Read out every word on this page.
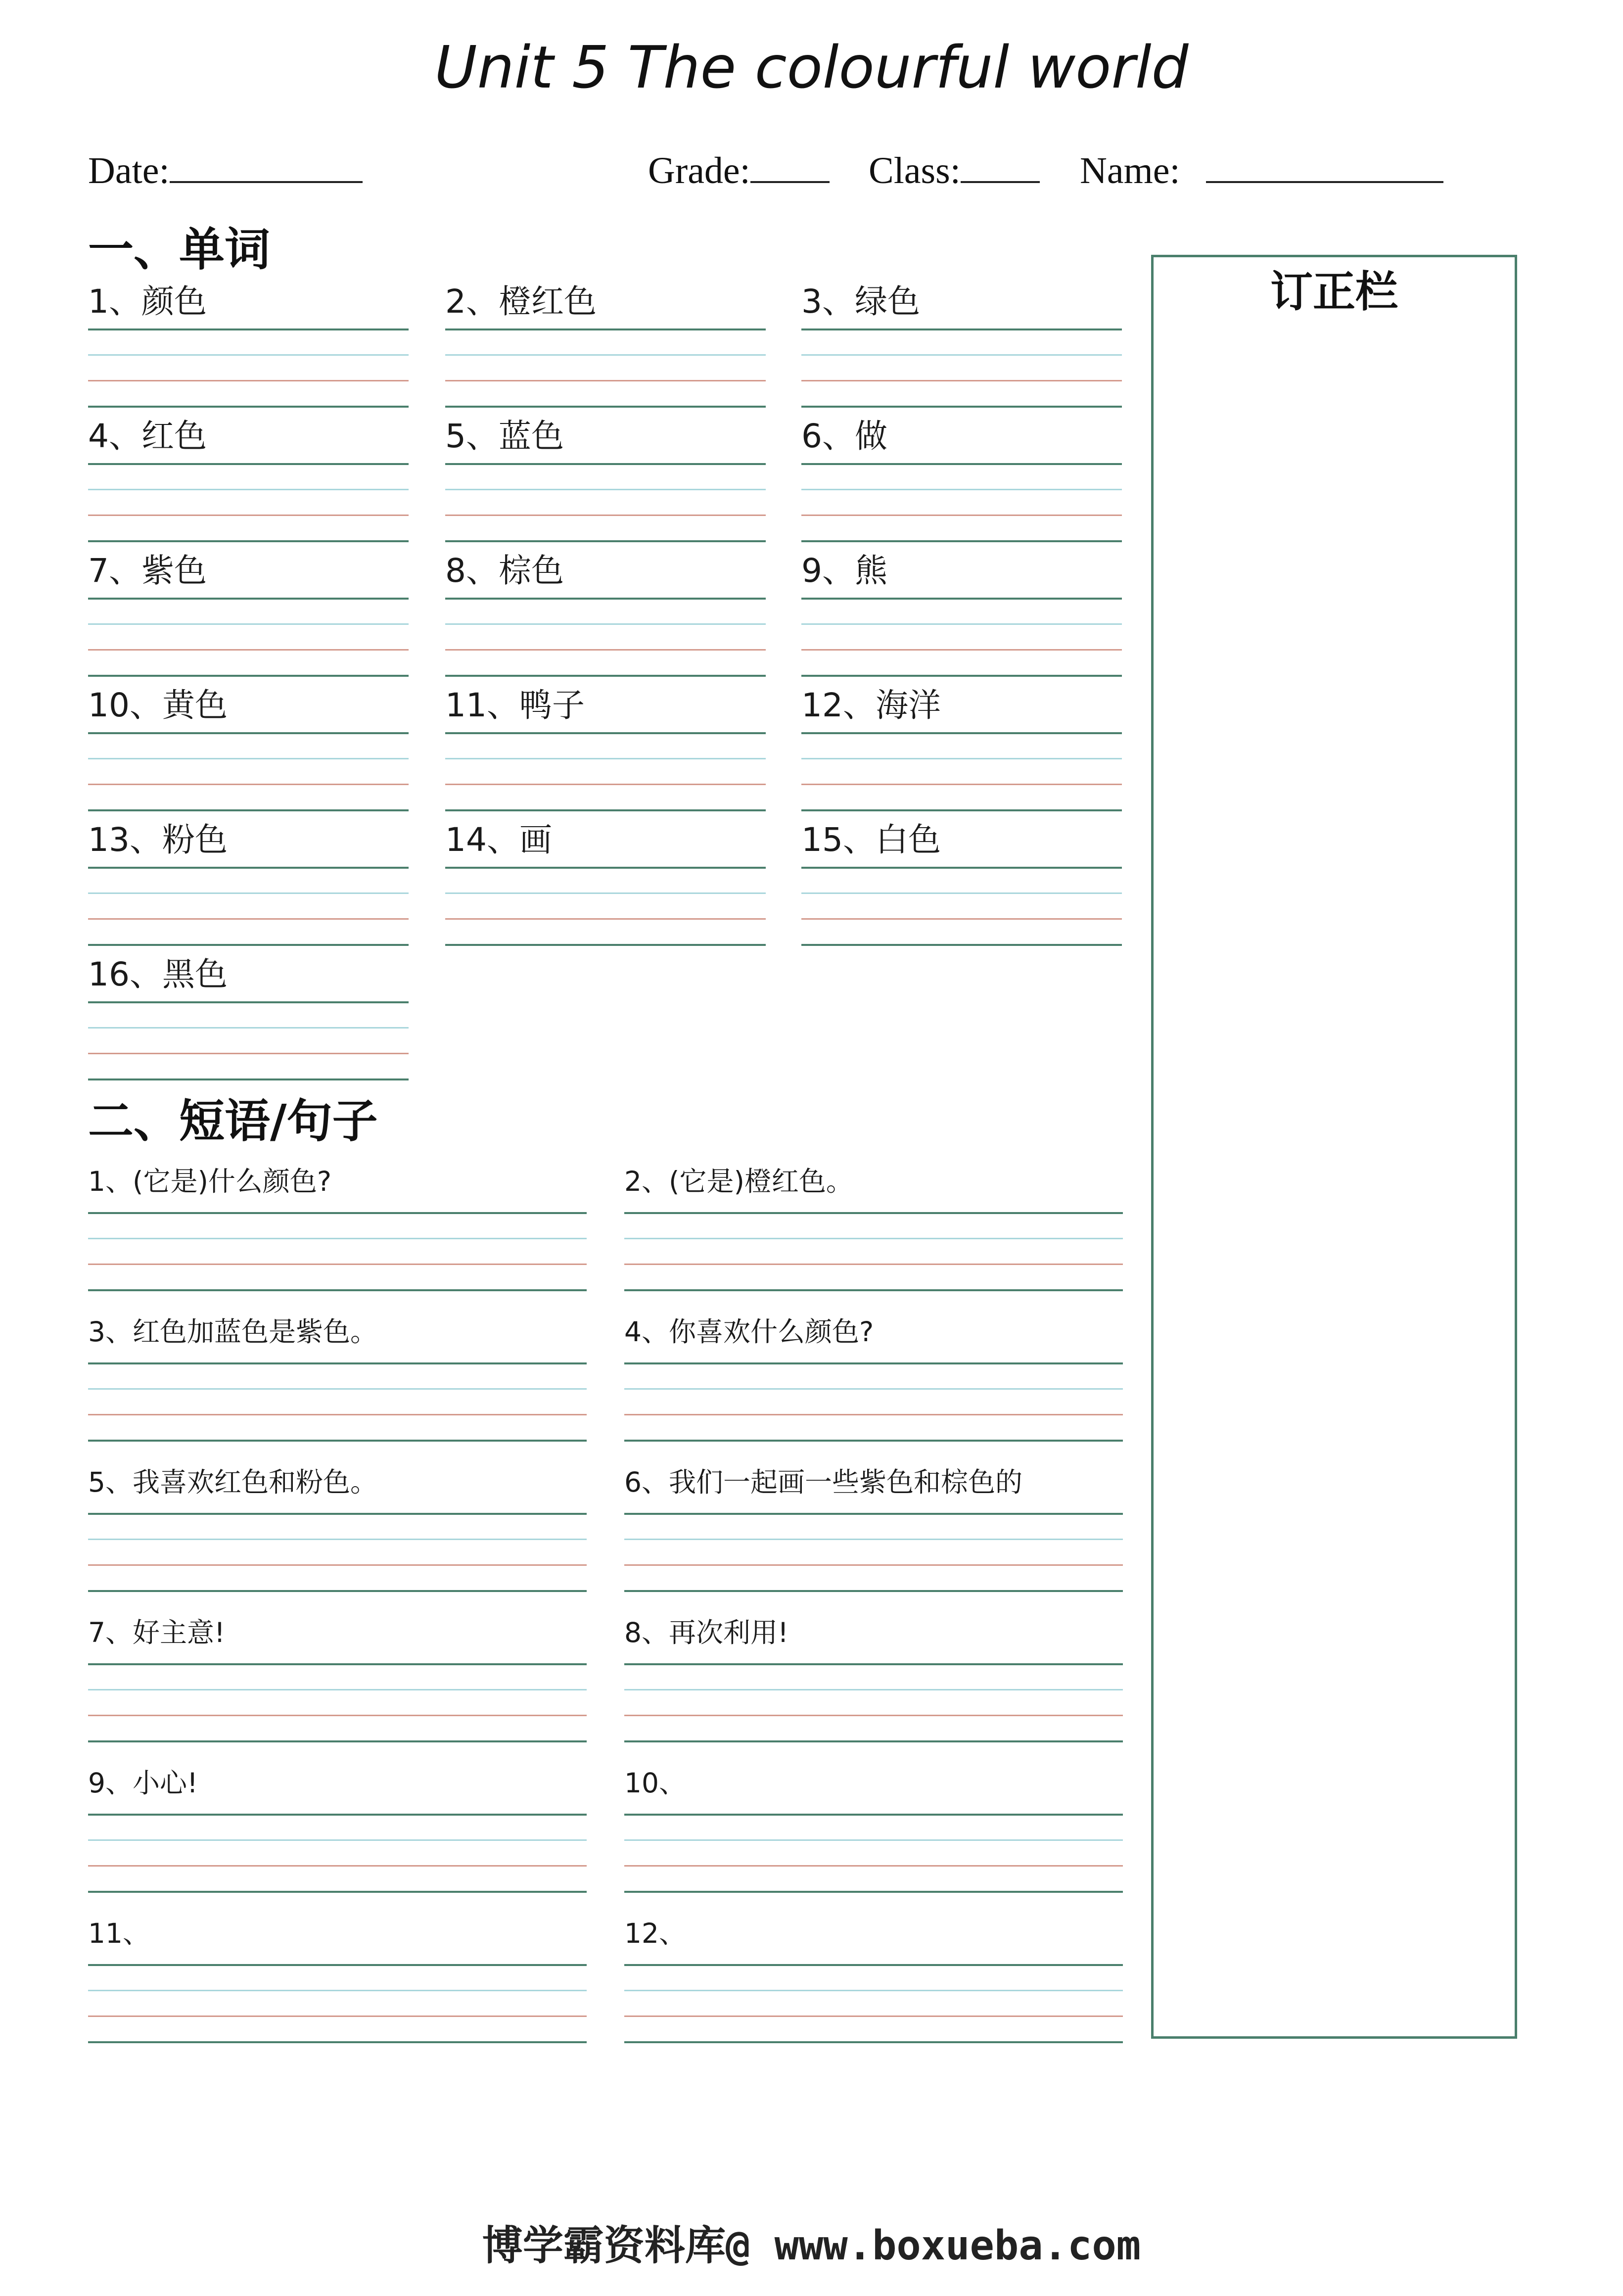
Unit 5 The colourful world
Date:	Grade:	Class:	Name:
一、单词
1、颜色	2、橙红色	3、绿色
4、红色	5、蓝色	6、做
7、紫色	8、棕色	9、熊
10、黄色	11、鸭子	12、海洋
13、粉色	14、画	15、白色
16、黑色
二、短语/句子
1、(它是)什么颜色?	2、(它是)橙红色。
3、红色加蓝色是紫色。	4、你喜欢什么颜色?
5、我喜欢红色和粉色。	6、我们一起画一些紫色和棕色的
7、好主意!	8、再次利用!
9、小心!	10、
11、	12、
订正栏
博学霸资料库@ www.boxueba.com
